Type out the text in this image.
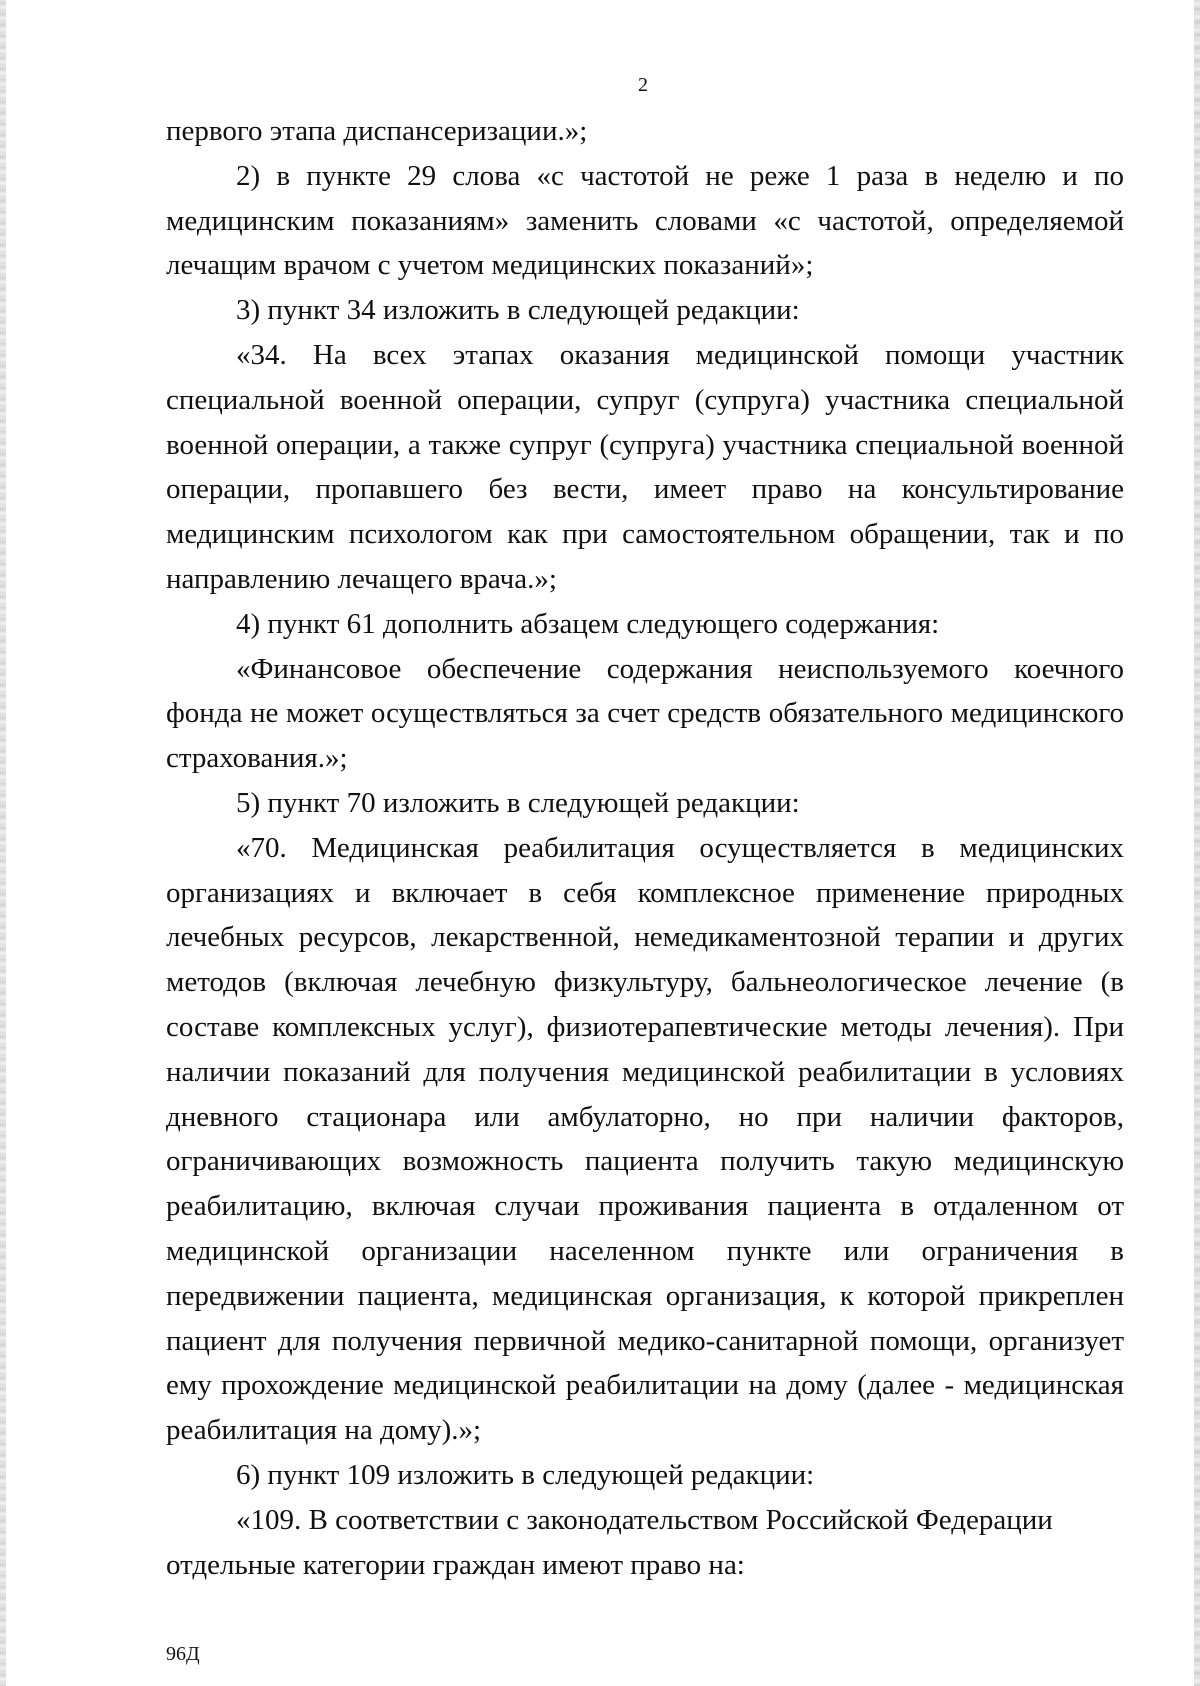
2

первого этапа диспансеризации.»;

2) в пункте 29 слова «с частотой не реже 1 раза в неделю и по медицинским показаниям» заменить словами «с частотой, определяемой лечащим врачом с учетом медицинских показаний»;

3) пункт 34 изложить в следующей редакции:

«34. На всех этапах оказания медицинской помощи участник специальной военной операции, супруг (супруга) участника специальной военной операции, а также супруг (супруга) участника специальной военной операции, пропавшего без вести, имеет право на консультирование медицинским психологом как при самостоятельном обращении, так и по направлению лечащего врача.»;

4) пункт 61 дополнить абзацем следующего содержания:

«Финансовое обеспечение содержания неиспользуемого коечного фонда не может осуществляться за счет средств обязательного медицинского страхования.»;

5) пункт 70 изложить в следующей редакции:

«70. Медицинская реабилитация осуществляется в медицинских организациях и включает в себя комплексное применение природных лечебных ресурсов, лекарственной, немедикаментозной терапии и других методов (включая лечебную физкультуру, бальнеологическое лечение (в составе комплексных услуг), физиотерапевтические методы лечения). При наличии показаний для получения медицинской реабилитации в условиях дневного стационара или амбулаторно, но при наличии факторов, ограничивающих возможность пациента получить такую медицинскую реабилитацию, включая случаи проживания пациента в отдаленном от медицинской организации населенном пункте или ограничения в передвижении пациента, медицинская организация, к которой прикреплен пациент для получения первичной медико-санитарной помощи, организует ему прохождение медицинской реабилитации на дому (далее - медицинская реабилитация на дому).»;

6) пункт 109 изложить в следующей редакции:

«109. В соответствии с законодательством Российской Федерации отдельные категории граждан имеют право на:

96Д
